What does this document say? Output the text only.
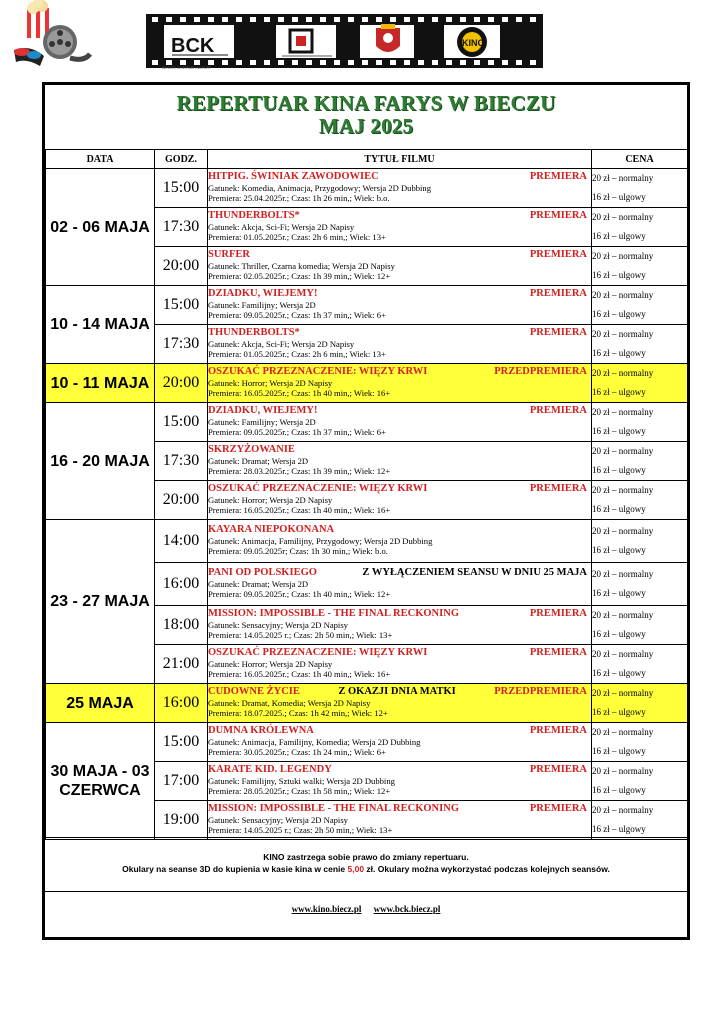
BCK	KINO
BIECKIE CENTRUM KULTURY
REPERTUAR KINA FARYS W BIECZU
MAJ 2025
DATA	GODZ.	TYTUŁ FILMU	CENA
02 - 06 MAJA	15:00	HITPIG. ŚWINIAK ZAWODOWIEC PREMIERA
Gatunek: Komedia, Animacja, Przygodowy; Wersja 2D Dubbing
Premiera: 25.04.2025r.; Czas: 1h 26 min,; Wiek: b.o.	20 zł – normalny
16 zł – ulgowy

	17:30	THUNDERBOLTS* PREMIERA
Gatunek: Akcja, Sci-Fi; Wersja 2D Napisy
Premiera: 01.05.2025r.; Czas: 2h 6 min,; Wiek: 13+	20 zł – normalny
16 zł – ulgowy

	20:00	SURFER PREMIERA
Gatunek: Thriller, Czarna komedia; Wersja 2D Napisy
Premiera: 02.05.2025r.; Czas: 1h 39 min,; Wiek: 12+	20 zł – normalny
16 zł – ulgowy

10 - 14 MAJA	15:00	DZIADKU, WIEJEMY! PREMIERA
Gatunek: Familijny; Wersja 2D
Premiera: 09.05.2025r.; Czas: 1h 37 min,; Wiek: 6+	20 zł – normalny
16 zł – ulgowy

	17:30	THUNDERBOLTS* PREMIERA
Gatunek: Akcja, Sci-Fi; Wersja 2D Napisy
Premiera: 01.05.2025r.; Czas: 2h 6 min,; Wiek: 13+	20 zł – normalny
16 zł – ulgowy

10 - 11 MAJA	20:00	OSZUKAĆ PRZEZNACZENIE: WIĘZY KRWI PRZEDPREMIERA
Gatunek: Horror; Wersja 2D Napisy
Premiera: 16.05.2025r.; Czas: 1h 40 min,; Wiek: 16+	20 zł – normalny
16 zł – ulgowy

16 - 20 MAJA	15:00	DZIADKU, WIEJEMY! PREMIERA
Gatunek: Familijny; Wersja 2D
Premiera: 09.05.2025r.; Czas: 1h 37 min,; Wiek: 6+	20 zł – normalny
16 zł – ulgowy

	17:30	SKRZYŻOWANIE
Gatunek: Dramat; Wersja 2D
Premiera: 28.03.2025r.; Czas: 1h 39 min,; Wiek: 12+	20 zł – normalny
16 zł – ulgowy

	20:00	OSZUKAĆ PRZEZNACZENIE: WIĘZY KRWI PREMIERA
Gatunek: Horror; Wersja 2D Napisy
Premiera: 16.05.2025r.; Czas: 1h 40 min,; Wiek: 16+	20 zł – normalny
16 zł – ulgowy

23 - 27 MAJA	14:00	KAYARA NIEPOKONANA
Gatunek: Animacja, Familijny, Przygodowy; Wersja 2D Dubbing
Premiera: 09.05.2025r; Czas: 1h 30 min,; Wiek: b.o.	20 zł – normalny
16 zł – ulgowy

	16:00	PANI OD POLSKIEGO Z WYŁĄCZENIEM SEANSU W DNIU 25 MAJA
Gatunek: Dramat; Wersja 2D
Premiera: 09.05.2025r.; Czas: 1h 40 min,; Wiek: 12+	20 zł – normalny
16 zł – ulgowy

	18:00	MISSION: IMPOSSIBLE - THE FINAL RECKONING PREMIERA
Gatunek: Sensacyjny; Wersja 2D Napisy
Premiera: 14.05.2025 r.; Czas: 2h 50 min,; Wiek: 13+	20 zł – normalny
16 zł – ulgowy

	21:00	OSZUKAĆ PRZEZNACZENIE: WIĘZY KRWI PREMIERA
Gatunek: Horror; Wersja 2D Napisy
Premiera: 16.05.2025r.; Czas: 1h 40 min,; Wiek: 16+	20 zł – normalny
16 zł – ulgowy

25 MAJA	16:00	CUDOWNE ŻYCIE Z OKAZJI DNIA MATKI PRZEDPREMIERA
Gatunek: Dramat, Komedia; Wersja 2D Napisy
Premiera: 18.07.2025.; Czas: 1h 42 min,; Wiek: 12+	20 zł – normalny
16 zł – ulgowy

30 MAJA - 03 CZERWCA	15:00	DUMNA KRÓLEWNA PREMIERA
Gatunek: Animacja, Familijny, Komedia; Wersja 2D Dubbing
Premiera: 30.05.2025r.; Czas: 1h 24 min,; Wiek: 6+	20 zł – normalny
16 zł – ulgowy

	17:00	KARATE KID. LEGENDY PREMIERA
Gatunek: Familijny, Sztuki walki; Wersja 2D Dubbing
Premiera: 28.05.2025r.; Czas: 1h 58 min,; Wiek: 12+	20 zł – normalny
16 zł – ulgowy

	19:00	MISSION: IMPOSSIBLE - THE FINAL RECKONING PREMIERA
Gatunek: Sensacyjny; Wersja 2D Napisy
Premiera: 14.05.2025 r.; Czas: 2h 50 min,; Wiek: 13+	20 zł – normalny
16 zł – ulgowy
KINO zastrzega sobie prawo do zmiany repertuaru.
Okulary na seanse 3D do kupienia w kasie kina w cenie 5,00 zł. Okulary można wykorzystać podczas kolejnych seansów.
www.kino.biecz.pl www.bck.biecz.pl
